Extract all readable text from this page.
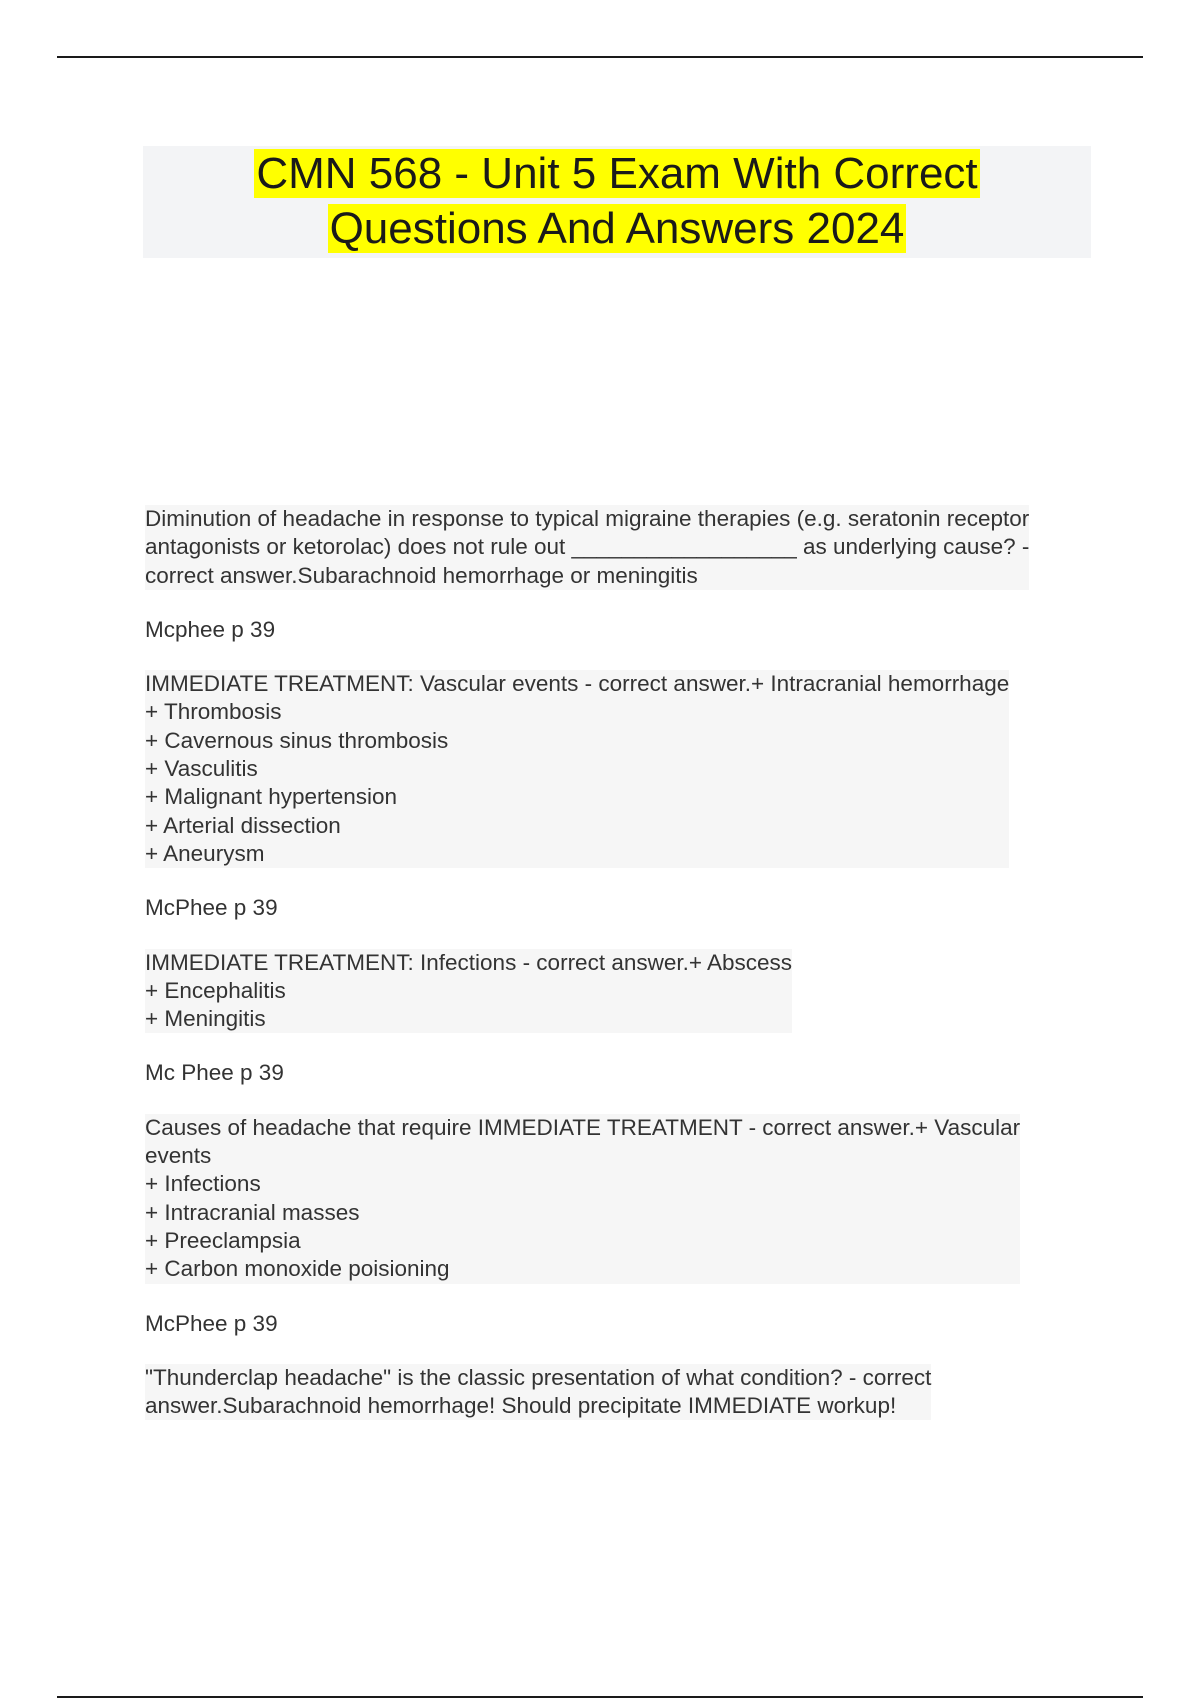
CMN 568 - Unit 5 Exam With Correct
Questions And Answers 2024
Diminution of headache in response to typical migraine therapies (e.g. seratonin receptor
antagonists or ketorolac) does not rule out __________________ as underlying cause? -
correct answer.Subarachnoid hemorrhage or meningitis
Mcphee p 39
IMMEDIATE TREATMENT: Vascular events - correct answer.+ Intracranial hemorrhage
+ Thrombosis
+ Cavernous sinus thrombosis
+ Vasculitis
+ Malignant hypertension
+ Arterial dissection
+ Aneurysm
McPhee p 39
IMMEDIATE TREATMENT: Infections - correct answer.+ Abscess
+ Encephalitis
+ Meningitis
Mc Phee p 39
Causes of headache that require IMMEDIATE TREATMENT - correct answer.+ Vascular
events
+ Infections
+ Intracranial masses
+ Preeclampsia
+ Carbon monoxide poisioning
McPhee p 39
"Thunderclap headache" is the classic presentation of what condition? - correct
answer.Subarachnoid hemorrhage! Should precipitate IMMEDIATE workup!
